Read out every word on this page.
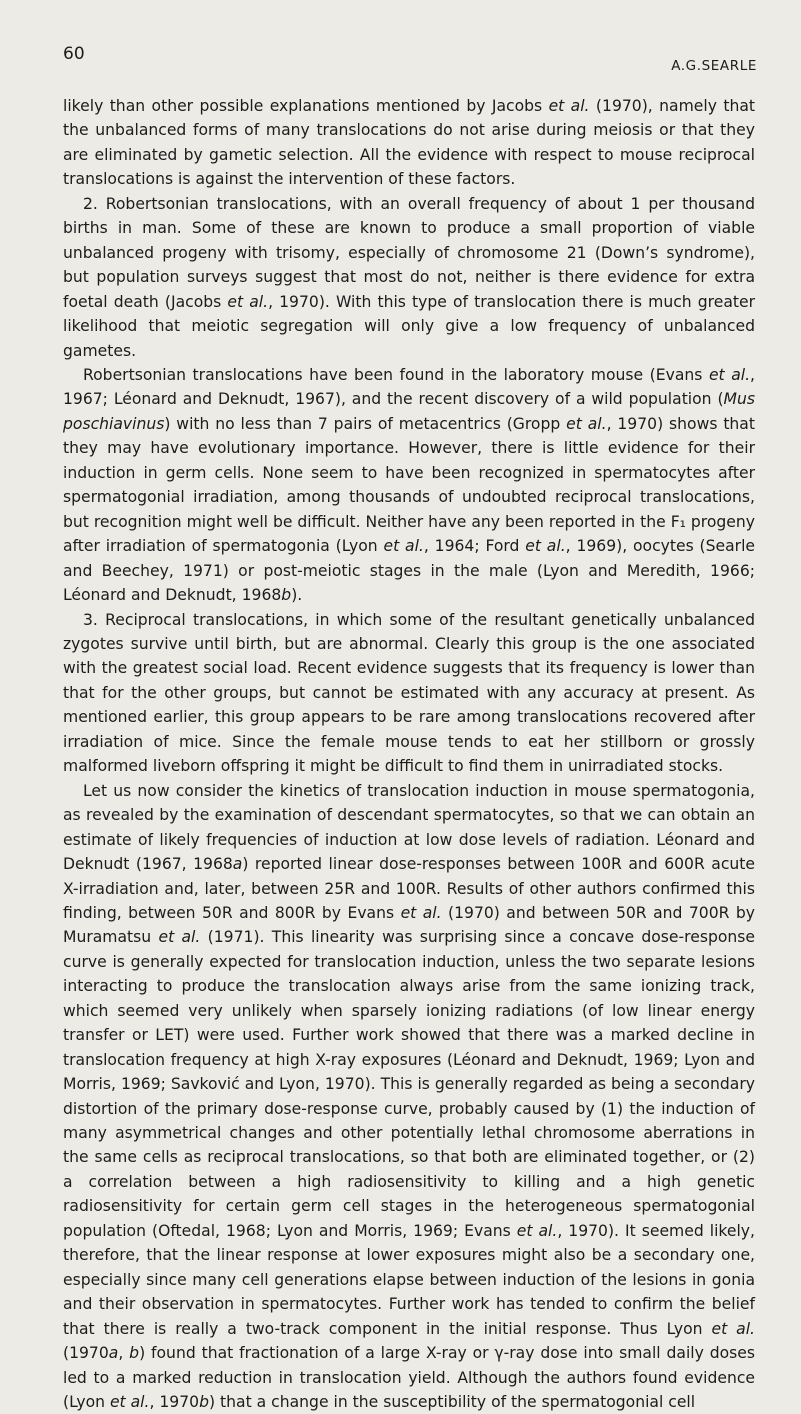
60
A.G.SEARLE

likely than other possible explanations mentioned by Jacobs et al. (1970), namely that the unbalanced forms of many translocations do not arise during meiosis or that they are eliminated by gametic selection. All the evidence with respect to mouse reciprocal translocations is against the intervention of these factors.

2. Robertsonian translocations, with an overall frequency of about 1 per thousand births in man. Some of these are known to produce a small proportion of viable unbalanced progeny with trisomy, especially of chromosome 21 (Down’s syndrome), but population surveys suggest that most do not, neither is there evidence for extra foetal death (Jacobs et al., 1970). With this type of translocation there is much greater likelihood that meiotic segregation will only give a low frequency of unbalanced gametes.

Robertsonian translocations have been found in the laboratory mouse (Evans et al., 1967; Léonard and Deknudt, 1967), and the recent discovery of a wild population (Mus poschiavinus) with no less than 7 pairs of metacentrics (Gropp et al., 1970) shows that they may have evolutionary importance. However, there is little evidence for their induction in germ cells. None seem to have been recognized in spermatocytes after spermatogonial irradiation, among thousands of undoubted reciprocal translocations, but recognition might well be difficult. Neither have any been reported in the F₁ progeny after irradiation of spermatogonia (Lyon et al., 1964; Ford et al., 1969), oocytes (Searle and Beechey, 1971) or post-meiotic stages in the male (Lyon and Meredith, 1966; Léonard and Deknudt, 1968b).

3. Reciprocal translocations, in which some of the resultant genetically unbalanced zygotes survive until birth, but are abnormal. Clearly this group is the one associated with the greatest social load. Recent evidence suggests that its frequency is lower than that for the other groups, but cannot be estimated with any accuracy at present. As mentioned earlier, this group appears to be rare among translocations recovered after irradiation of mice. Since the female mouse tends to eat her stillborn or grossly malformed liveborn offspring it might be difficult to find them in unirradiated stocks.

Let us now consider the kinetics of translocation induction in mouse spermatogonia, as revealed by the examination of descendant spermatocytes, so that we can obtain an estimate of likely frequencies of induction at low dose levels of radiation. Léonard and Deknudt (1967, 1968a) reported linear dose-responses between 100R and 600R acute X-irradiation and, later, between 25R and 100R. Results of other authors confirmed this finding, between 50R and 800R by Evans et al. (1970) and between 50R and 700R by Muramatsu et al. (1971). This linearity was surprising since a concave dose-response curve is generally expected for translocation induction, unless the two separate lesions interacting to produce the translocation always arise from the same ionizing track, which seemed very unlikely when sparsely ionizing radiations (of low linear energy transfer or LET) were used. Further work showed that there was a marked decline in translocation frequency at high X-ray exposures (Léonard and Deknudt, 1969; Lyon and Morris, 1969; Savković and Lyon, 1970). This is generally regarded as being a secondary distortion of the primary dose-response curve, probably caused by (1) the induction of many asymmetrical changes and other potentially lethal chromosome aberrations in the same cells as reciprocal translocations, so that both are eliminated together, or (2) a correlation between a high radiosensitivity to killing and a high genetic radiosensitivity for certain germ cell stages in the heterogeneous spermatogonial population (Oftedal, 1968; Lyon and Morris, 1969; Evans et al., 1970). It seemed likely, therefore, that the linear response at lower exposures might also be a secondary one, especially since many cell generations elapse between induction of the lesions in gonia and their observation in spermatocytes. Further work has tended to confirm the belief that there is really a two-track component in the initial response. Thus Lyon et al. (1970a, b) found that fractionation of a large X-ray or γ-ray dose into small daily doses led to a marked reduction in translocation yield. Although the authors found evidence (Lyon et al., 1970b) that a change in the susceptibility of the spermatogonial cell
